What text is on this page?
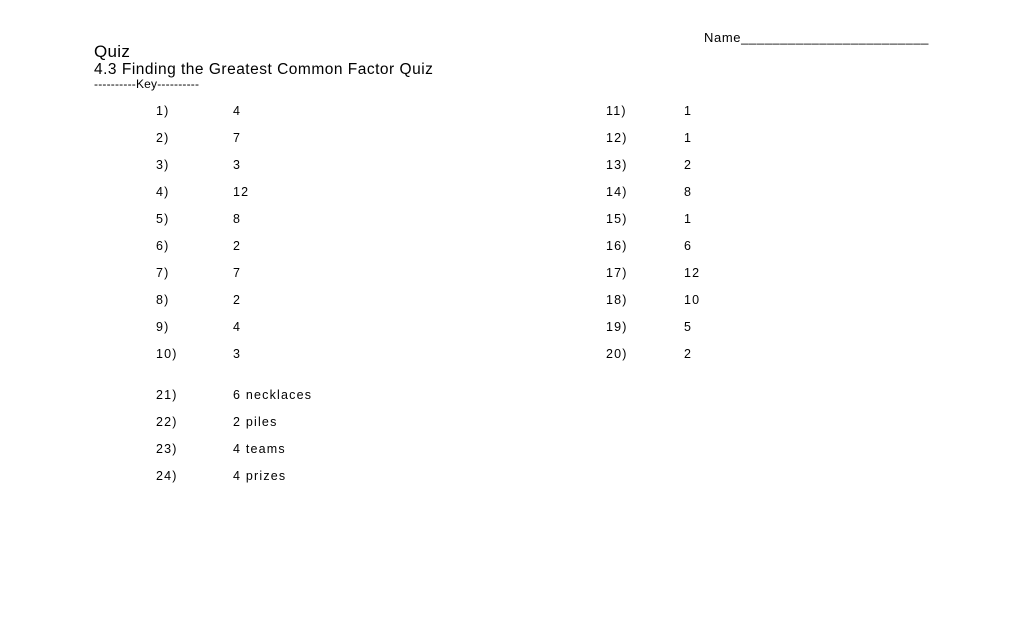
Name________________________
Quiz
4.3 Finding the Greatest Common Factor Quiz
----------Key----------
1)	4
2)	7
3)	3
4)	12
5)	8
6)	2
7)	7
8)	2
9)	4
10)	3
11)	1
12)	1
13)	2
14)	8
15)	1
16)	6
17)	12
18)	10
19)	5
20)	2
21)	6 necklaces
22)	2 piles
23)	4 teams
24)	4 prizes
